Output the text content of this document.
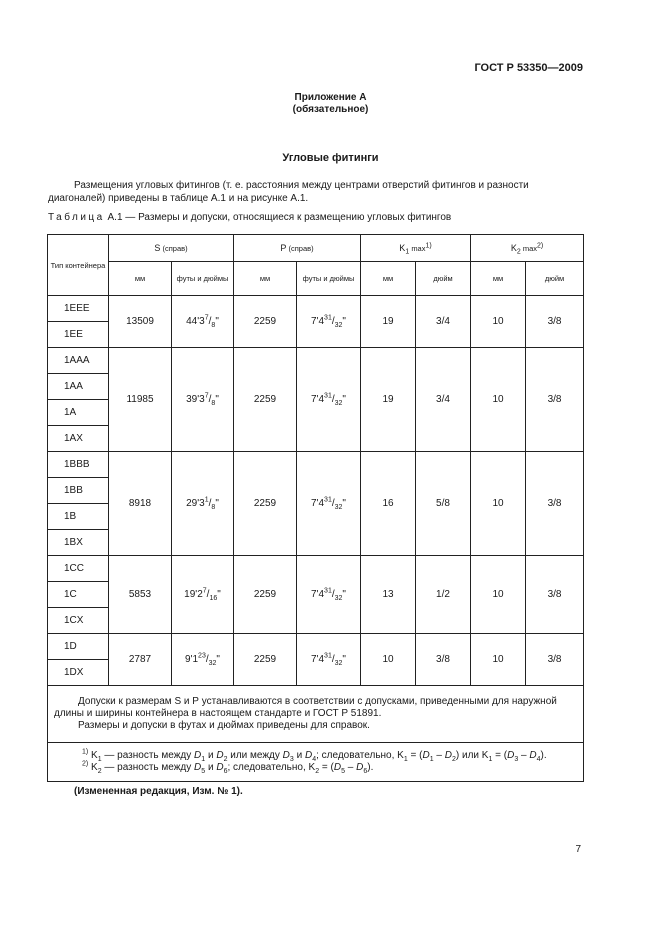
ГОСТ Р 53350—2009
Приложение А
(обязательное)
Угловые фитинги
Размещения угловых фитингов (т. е. расстояния между центрами отверстий фитингов и разности диагоналей) приведены в таблице А.1 и на рисунке А.1.
Таблица А.1 — Размеры и допуски, относящиеся к размещению угловых фитингов
Тип контейнера	S (справ)		P (справ)		$K_1$ $\max^{1)}$		$K_2$ $\max^{2)}$
	мм	футы и дюймы	мм	футы и дюймы	мм	дюйм	мм	дюйм
1EEE	13509	$44'3^7/_8$"	2259	$7'4^{31}/_{32}$"	19	3/4	10	3/8
1EE								
1AAA	11985	$39'3^7/_8$"	2259	$7'4^{31}/_{32}$"	19	3/4	10	3/8
1AA								
1A								
1AX								
1BBB	8918	$29'3^1/_8$"	2259	$7'4^{31}/_{32}$"	16	5/8	10	3/8
1BB								
1B								
1BX								
1CC	5853	$19'2^7/_{16}$"	2259	$7'4^{31}/_{32}$"	13	1/2	10	3/8
1C								
1CX								
1D	2787	$9'1^{23}/_{32}$"	2259	$7'4^{31}/_{32}$"	10	3/8	10	3/8
1DX								

Допуски к размерам S и Р устанавливаются в соответствии с допусками, приведенными для наружной длины и ширины контейнера в настоящем стандарте и ГОСТ Р 51891.
Размеры и допуски в футах и дюймах приведены для справок.								

$^{1)}$ $K_1$ — разность между $D_1$ и $D_2$ или между $D_3$ и $D_4$; следовательно, $K_1 = (D_1 - D_2)$ или $K_1 = (D_3 - D_4)$.
$^{2)}$ $K_2$ — разность между $D_5$ и $D_6$; следовательно, $K_2 = (D_5 - D_6)$.								
(Измененная редакция, Изм. № 1).
7
